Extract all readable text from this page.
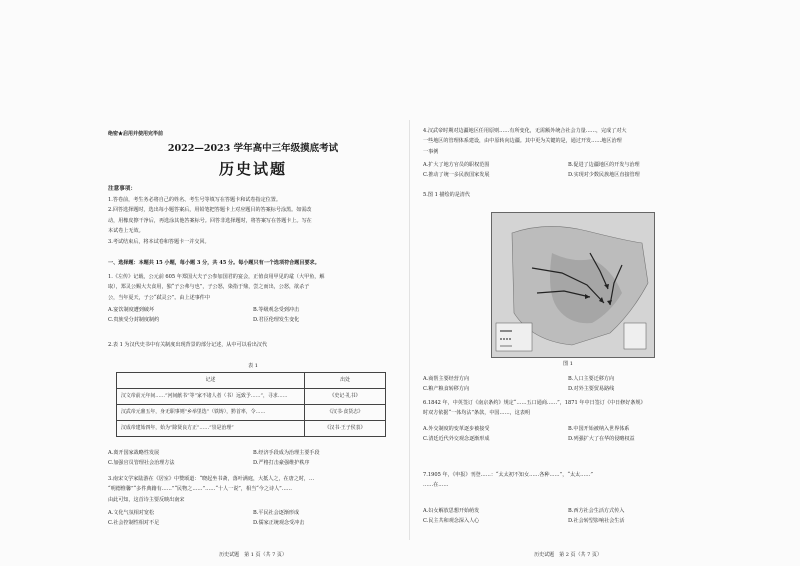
绝密★启用并使用完毕前
2022—2023 学年高中三年级摸底考试
历史试题
注意事项：

1.答卷前，考生务必将自己的姓名、考生号等填写在答题卡和试卷指定位置。

2.回答选择题时，选出每小题答案后，用铅笔把答题卡上对应题目的答案标号涂黑。如需改

动，用橡皮擦干净后，再选涂其他答案标号。回答非选择题时，将答案写在答题卡上。写在

本试卷上无效。

3.考试结束后，将本试卷和答题卡一并交回。

一、选择题：本题共 15 小题，每小题 3 分，共 45 分。每小题只有一个选项符合题目要求。

1.《左传》记载，公元前 605 年郑国大夫子公参加国君的宴会，正值食用甲见的鼋（大甲鱼，解

取），郑灵公赐大夫食用，独“子公弗与也”，子公怒，染指于鼎，尝之而出，公怒，欲杀子

公，当年夏天，子公“弑灵公”。由上述事件中

A.宴饮制度遭到破坏	B.等级观念受到冲击
C.贵族受分封制度制约	D.君臣伦理发生变化

2.表 1 为汉代史书中有关制度出现背景的部分记述，从中可以看出汉代

表 1
记述	出处
汉文帝前元年间……“河间献书”等“家不诸人者（书）远致予……”，寻求……	《史记·礼书》
汉武帝元鼎五年，身无职事则“乡举里选”（铁铸），黔首率，令……	《汉书·食货志》
汉成帝建始四年，始为“除贤良方正”……“崇是治理”	《汉书·王子侯表》
A.离开国家战略性发展	B.经济手段成为治理主要手段
C.加强官员管理社会治理方法	D.严格打击豪强维护秩序

3.南宋文学家陆游在《居室》中赞颂道：“晓起坐书斋，落叶满庭，大抵人之，在唐之时，…

“明德惟馨”“多件典籍有……”“民物之……”……“十人一说”，相当“今之诗人”……

由此可知，这首诗主要反映出南宋

A.文化气氛相对宽松	B.平民社会逐渐形成
C.社会控制性相对不足	D.儒家正统观念受冲击
历史试题　第 1 页（共 7 页）

4.汉武帝时期对边疆地区任用原则……有所变化，无需额外统合社会力量……，完成了对大

一些地区的管理体系建设，由中原转向边疆。其中更为关键的是，通过开发……地区治理

一事例

A.扩大了地方官员的职权范围	B.促进了边疆地区的开发与治理
C.推动了统一多民族国家发展	D.实现对少数民族地区直接管理

5.图 1 描绘的是清代

图 1
A.商帮主要经营方向	B.人口主要迁移方向
C.粮产粮食转移方向	D.对外主要贸易路线

6.1842 年，中英签订《南京条约》规定“……五口通商……”，1871 年中日签订《中日修好条规》

时双方依据“一体均沾”条款，中国……，这表明

A.外交制度的变革逐步被接受	B.中国开始被纳入世界体系
C.清廷近代外交观念逐渐形成	D.列强扩大了在华的侵略权益

7.1905 年，《申报》刊登……：“太太初不知女……各种……”，“太太……”

……在……

A.妇女解放思想开始萌发	B.西方社会生活方式传入
C.民主共和观念深入人心	D.社会转型影响社会生活
历史试题　第 2 页（共 7 页）
